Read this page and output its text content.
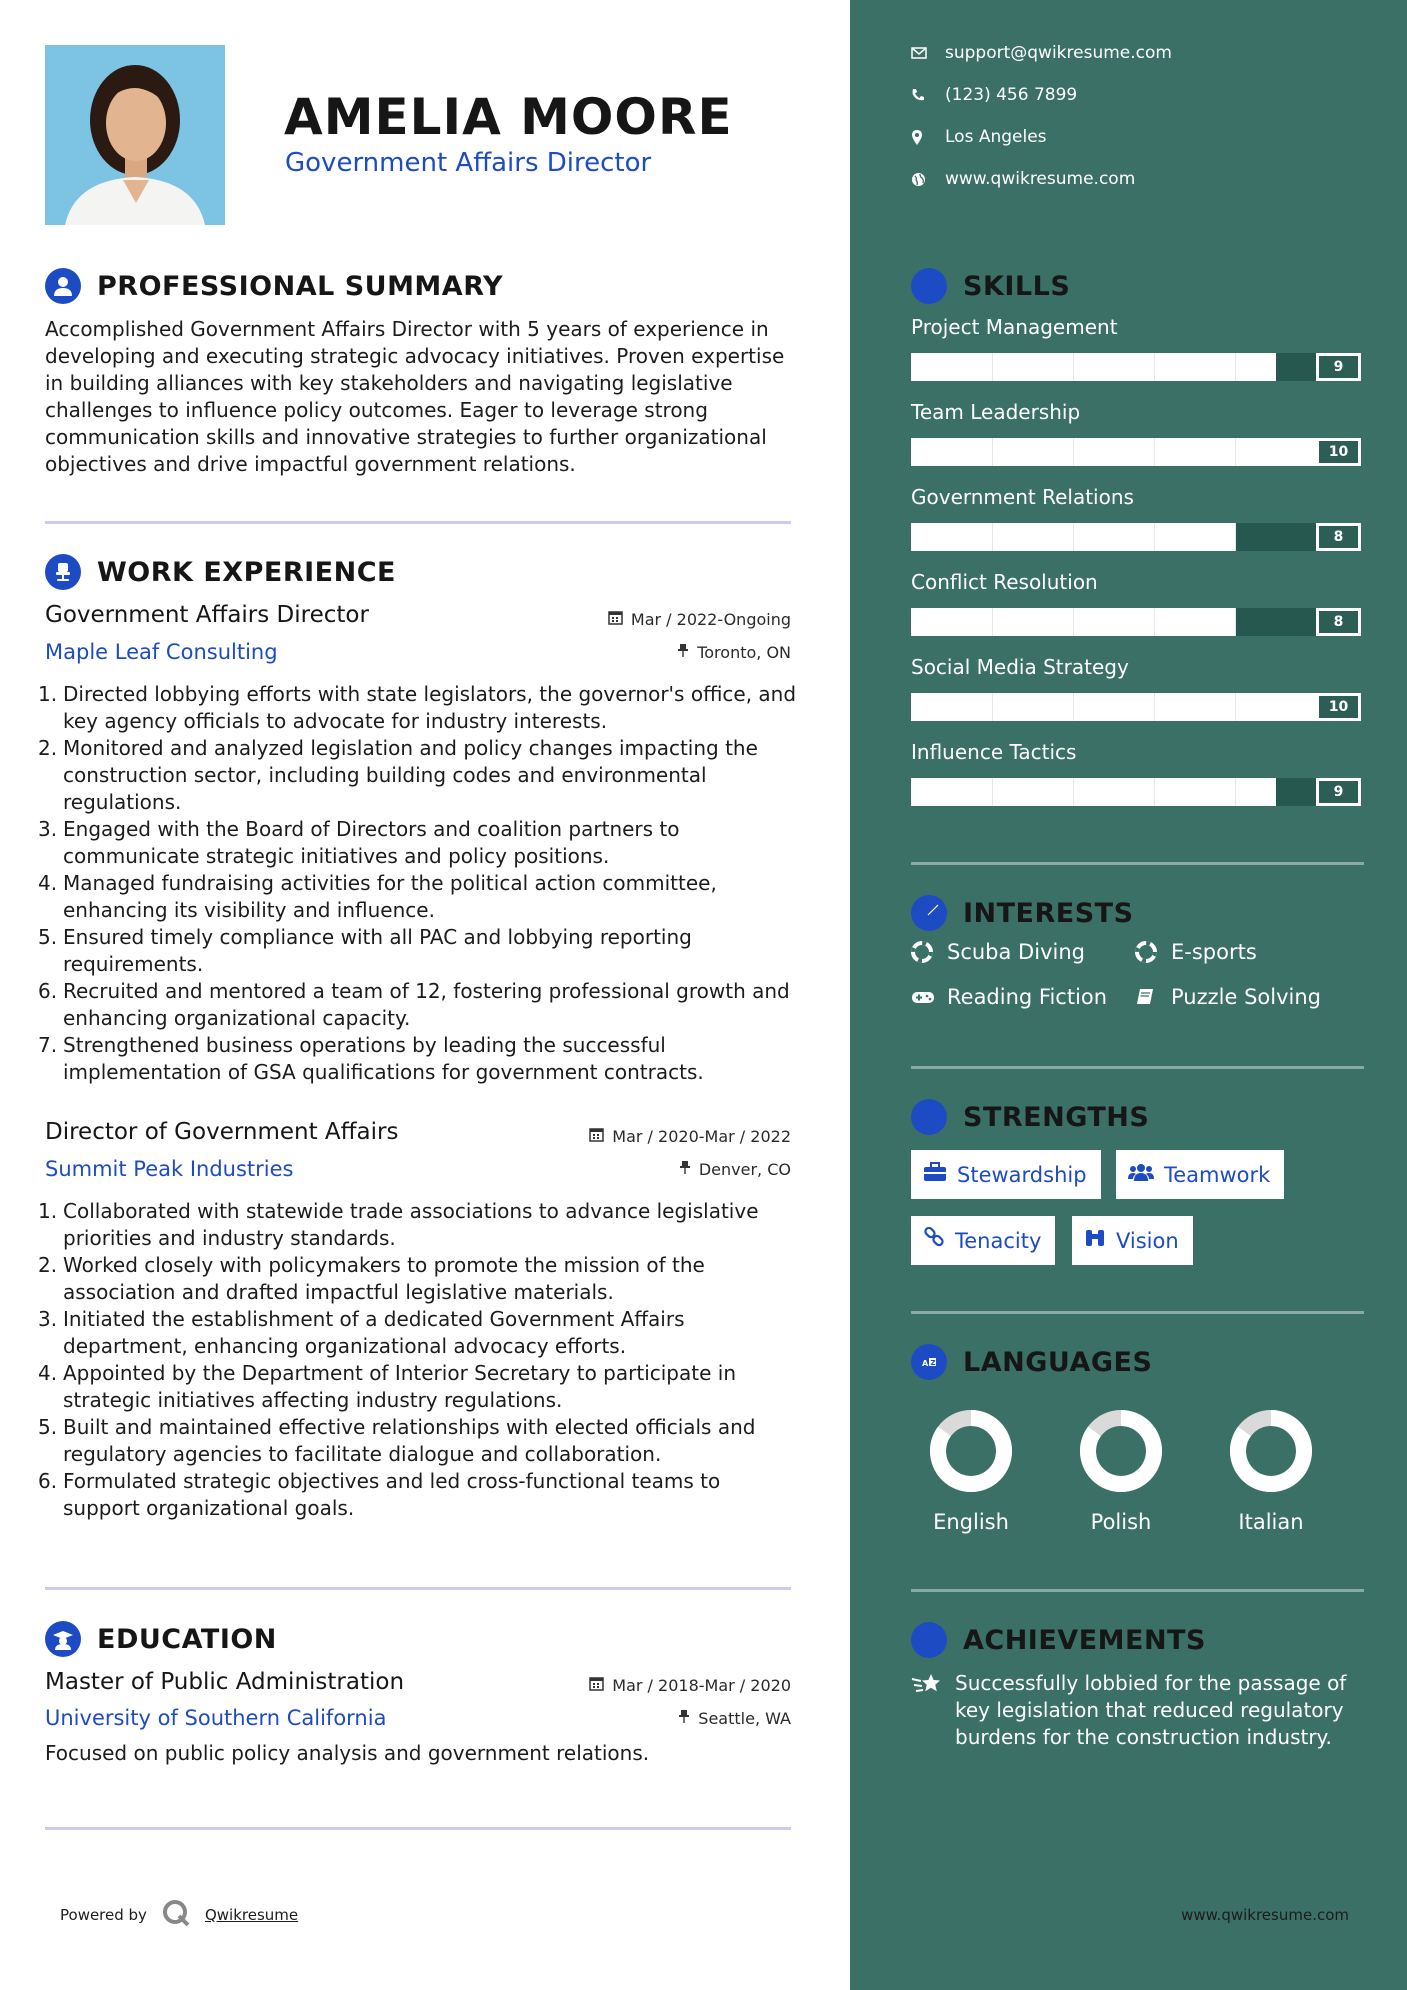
AMELIA MOORE
Government Affairs Director
PROFESSIONAL SUMMARY
Accomplished Government Affairs Director with 5 years of experience in developing and executing strategic advocacy initiatives. Proven expertise in building alliances with key stakeholders and navigating legislative challenges to influence policy outcomes. Eager to leverage strong communication skills and innovative strategies to further organizational objectives and drive impactful government relations.
WORK EXPERIENCE
Government Affairs Director	Mar / 2022-Ongoing
Maple Leaf Consulting	Toronto, ON
1. Directed lobbying efforts with state legislators, the governor's office, and key agency officials to advocate for industry interests.
2. Monitored and analyzed legislation and policy changes impacting the construction sector, including building codes and environmental regulations.
3. Engaged with the Board of Directors and coalition partners to communicate strategic initiatives and policy positions.
4. Managed fundraising activities for the political action committee, enhancing its visibility and influence.
5. Ensured timely compliance with all PAC and lobbying reporting requirements.
6. Recruited and mentored a team of 12, fostering professional growth and enhancing organizational capacity.
7. Strengthened business operations by leading the successful implementation of GSA qualifications for government contracts.
Director of Government Affairs	Mar / 2020-Mar / 2022
Summit Peak Industries	Denver, CO
1. Collaborated with statewide trade associations to advance legislative priorities and industry standards.
2. Worked closely with policymakers to promote the mission of the association and drafted impactful legislative materials.
3. Initiated the establishment of a dedicated Government Affairs department, enhancing organizational advocacy efforts.
4. Appointed by the Department of Interior Secretary to participate in strategic initiatives affecting industry regulations.
5. Built and maintained effective relationships with elected officials and regulatory agencies to facilitate dialogue and collaboration.
6. Formulated strategic objectives and led cross-functional teams to support organizational goals.
EDUCATION
Master of Public Administration	Mar / 2018-Mar / 2020
University of Southern California	Seattle, WA
Focused on public policy analysis and government relations.
Powered by	Qwikresume
support@qwikresume.com
(123) 456 7899
Los Angeles
www.qwikresume.com
SKILLS
Project Management
9
Team Leadership
10
Government Relations
8
Conflict Resolution
8
Social Media Strategy
10
Influence Tactics
9
INTERESTS
Scuba Diving	E-sports
Reading Fiction	Puzzle Solving
STRENGTHS
Stewardship	Teamwork
Tenacity	Vision
A Z LANGUAGES
English	Polish	Italian
ACHIEVEMENTS
Successfully lobbied for the passage of key legislation that reduced regulatory burdens for the construction industry.
www.qwikresume.com
